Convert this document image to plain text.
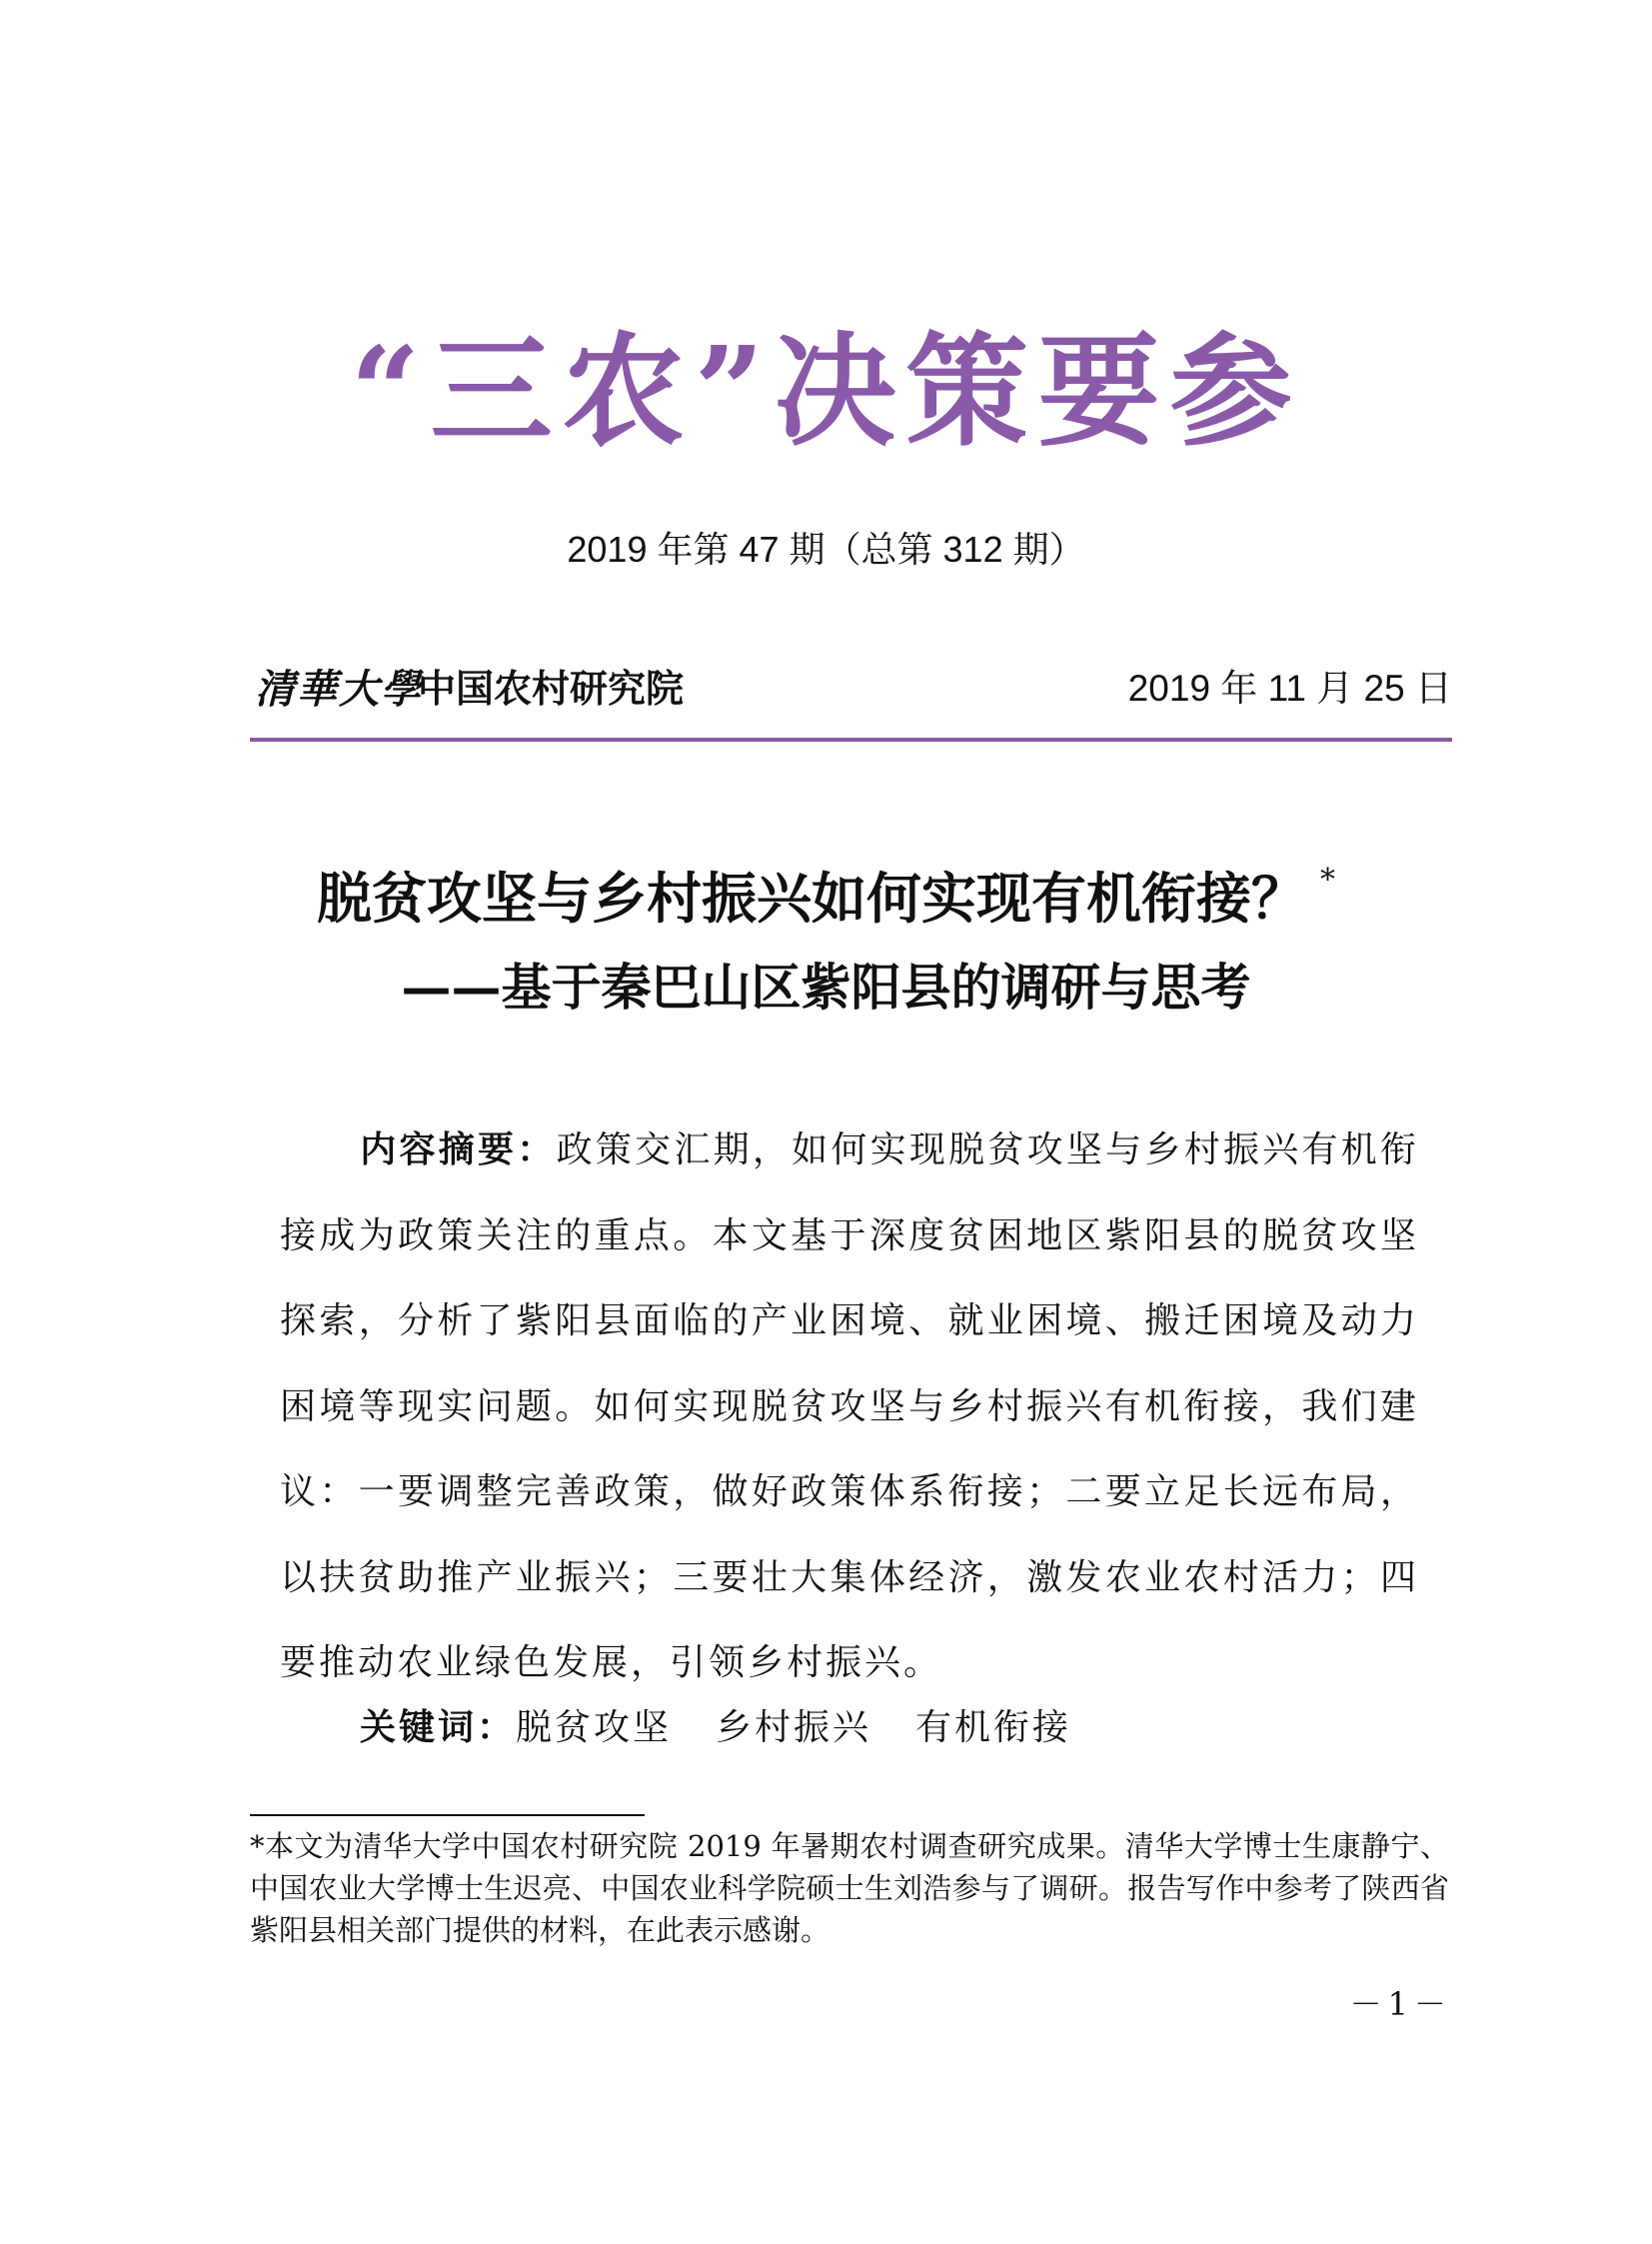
“三农”决策要参
2019 年第 47 期（总第 312 期）
清華大學
中国农村研究院	2019 年 11 月 25 日
脱贫攻坚与乡村振兴如何实现有机衔接？ *
——基于秦巴山区紫阳县的调研与思考
内容摘要：政策交汇期，如何实现脱贫攻坚与乡村振兴有机衔接成为政策关注的重点。本文基于深度贫困地区紫阳县的脱贫攻坚探索，分析了紫阳县面临的产业困境、就业困境、搬迁困境及动力困境等现实问题。如何实现脱贫攻坚与乡村振兴有机衔接，我们建议：一要调整完善政策，做好政策体系衔接；二要立足长远布局，以扶贫助推产业振兴；三要壮大集体经济，激发农业农村活力；四要推动农业绿色发展，引领乡村振兴。
关键词：脱贫攻坚 乡村振兴 有机衔接
*本文为清华大学中国农村研究院 2019 年暑期农村调查研究成果。清华大学博士生康静宁、中国农业大学博士生迟亮、中国农业科学院硕士生刘浩参与了调研。报告写作中参考了陕西省紫阳县相关部门提供的材料，在此表示感谢。
－1－
